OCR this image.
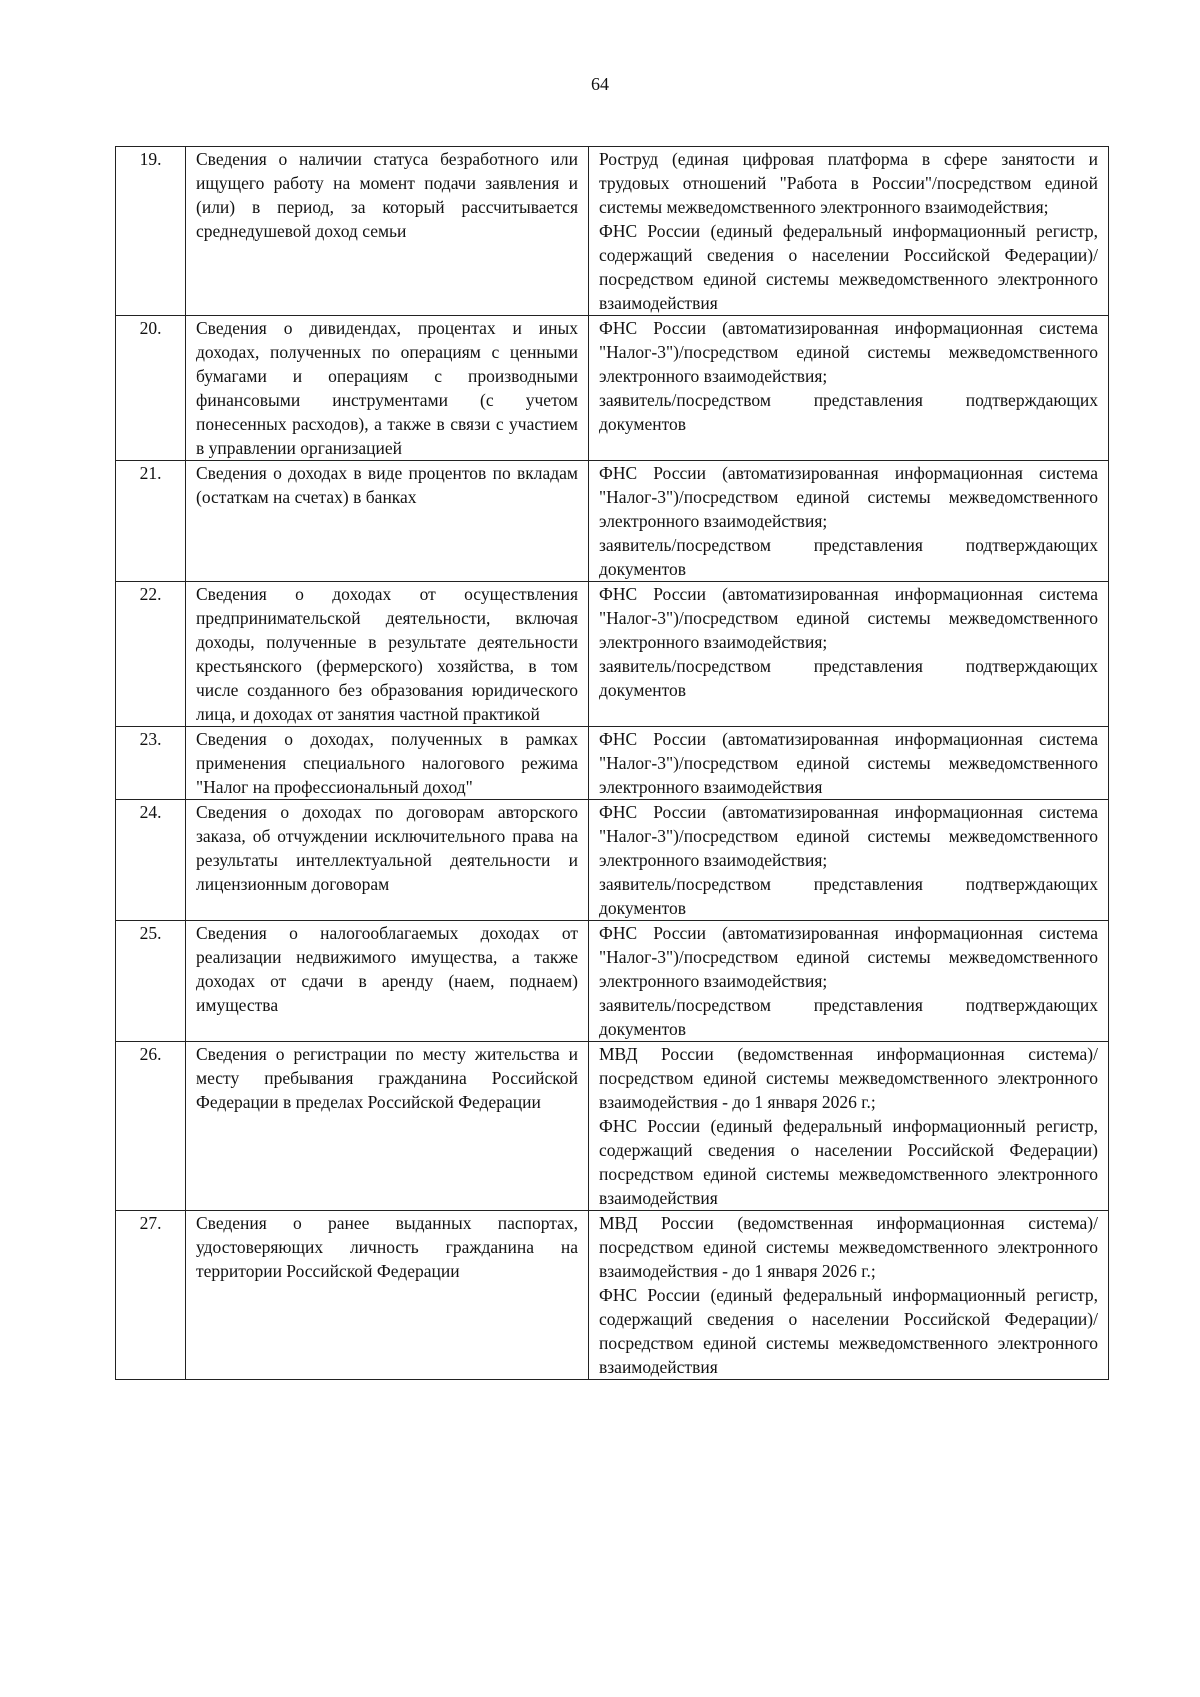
64
19.	Сведения о наличии статуса безработного или ищущего работу на момент подачи заявления и (или) в период, за который рассчитывается среднедушевой доход семьи	Роструд (единая цифровая платформа в сфере занятости и трудовых отношений "Работа в России"/посредством единой системы межведомственного электронного взаимодействия;
ФНС России (единый федеральный информационный регистр, содержащий сведения о населении Российской Федерации)/посредством единой системы межведомственного электронного взаимодействия

20.	Сведения о дивидендах, процентах и иных доходах, полученных по операциям с ценными бумагами и операциям с производными финансовыми инструментами (с учетом понесенных расходов), а также в связи с участием в управлении организацией	ФНС России (автоматизированная информационная система "Налог-3")/посредством единой системы межведомственного электронного взаимодействия;
заявитель/посредством представления подтверждающих документов

21.	Сведения о доходах в виде процентов по вкладам (остаткам на счетах) в банках	ФНС России (автоматизированная информационная система "Налог-3")/посредством единой системы межведомственного электронного взаимодействия;
заявитель/посредством представления подтверждающих документов

22.	Сведения о доходах от осуществления предпринимательской деятельности, включая доходы, полученные в результате деятельности крестьянского (фермерского) хозяйства, в том числе созданного без образования юридического лица, и доходах от занятия частной практикой	ФНС России (автоматизированная информационная система "Налог-3")/посредством единой системы межведомственного электронного взаимодействия;
заявитель/посредством представления подтверждающих документов

23.	Сведения о доходах, полученных в рамках применения специального налогового режима "Налог на профессиональный доход"	ФНС России (автоматизированная информационная система "Налог-3")/посредством единой системы межведомственного электронного взаимодействия

24.	Сведения о доходах по договорам авторского заказа, об отчуждении исключительного права на результаты интеллектуальной деятельности и лицензионным договорам	ФНС России (автоматизированная информационная система "Налог-3")/посредством единой системы межведомственного электронного взаимодействия;
заявитель/посредством представления подтверждающих документов

25.	Сведения о налогооблагаемых доходах от реализации недвижимого имущества, а также доходах от сдачи в аренду (наем, поднаем) имущества	ФНС России (автоматизированная информационная система "Налог-3")/посредством единой системы межведомственного электронного взаимодействия;
заявитель/посредством представления подтверждающих документов

26.	Сведения о регистрации по месту жительства и месту пребывания гражданина Российской Федерации в пределах Российской Федерации	МВД России (ведомственная информационная система)/посредством единой системы межведомственного электронного взаимодействия - до 1 января 2026 г.;
ФНС России (единый федеральный информационный регистр, содержащий сведения о населении Российской Федерации) посредством единой системы межведомственного электронного взаимодействия

27.	Сведения о ранее выданных паспортах, удостоверяющих личность гражданина на территории Российской Федерации	МВД России (ведомственная информационная система)/ посредством единой системы межведомственного электронного взаимодействия - до 1 января 2026 г.;
ФНС России (единый федеральный информационный регистр, содержащий сведения о населении Российской Федерации)/посредством единой системы межведомственного электронного взаимодействия
